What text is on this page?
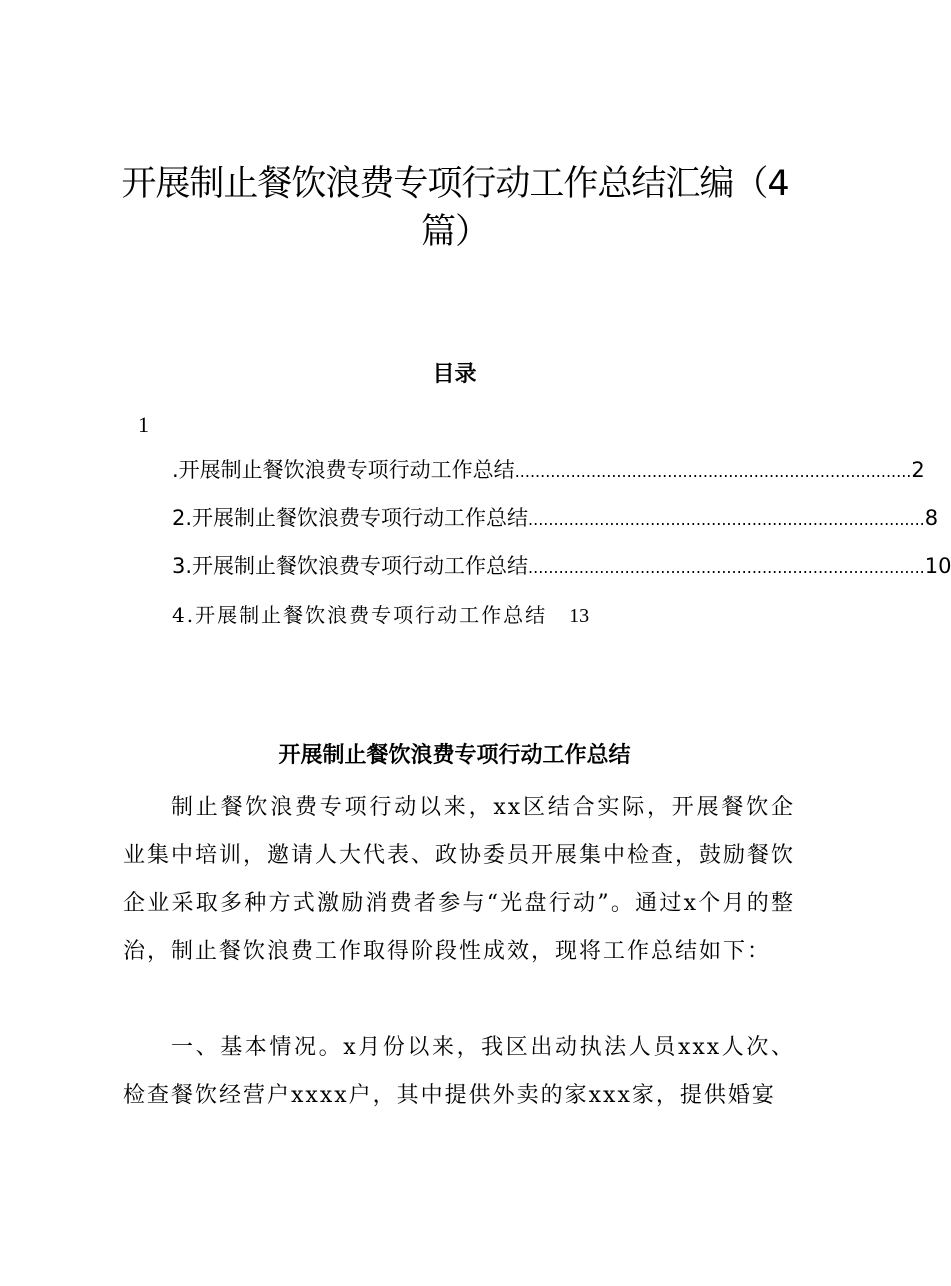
开展制止餐饮浪费专项行动工作总结汇编（4篇）
目录
1
.开展制止餐饮浪费专项行动工作总结 .............................................................................. 2
2.开展制止餐饮浪费专项行动工作总结 .............................................................................. 8
3.开展制止餐饮浪费专项行动工作总结 .............................................................................. 10
4.开展制止餐饮浪费专项行动工作总结 13
开展制止餐饮浪费专项行动工作总结

制止餐饮浪费专项行动以来，xx区结合实际，开展餐饮企业集中培训，邀请人大代表、政协委员开展集中检查，鼓励餐饮企业采取多种方式激励消费者参与“光盘行动”。通过x个月的整治，制止餐饮浪费工作取得阶段性成效，现将工作总结如下：

一、基本情况。x月份以来，我区出动执法人员xxx人次、检查餐饮经营户xxxx户，其中提供外卖的家xxx家，提供婚宴
